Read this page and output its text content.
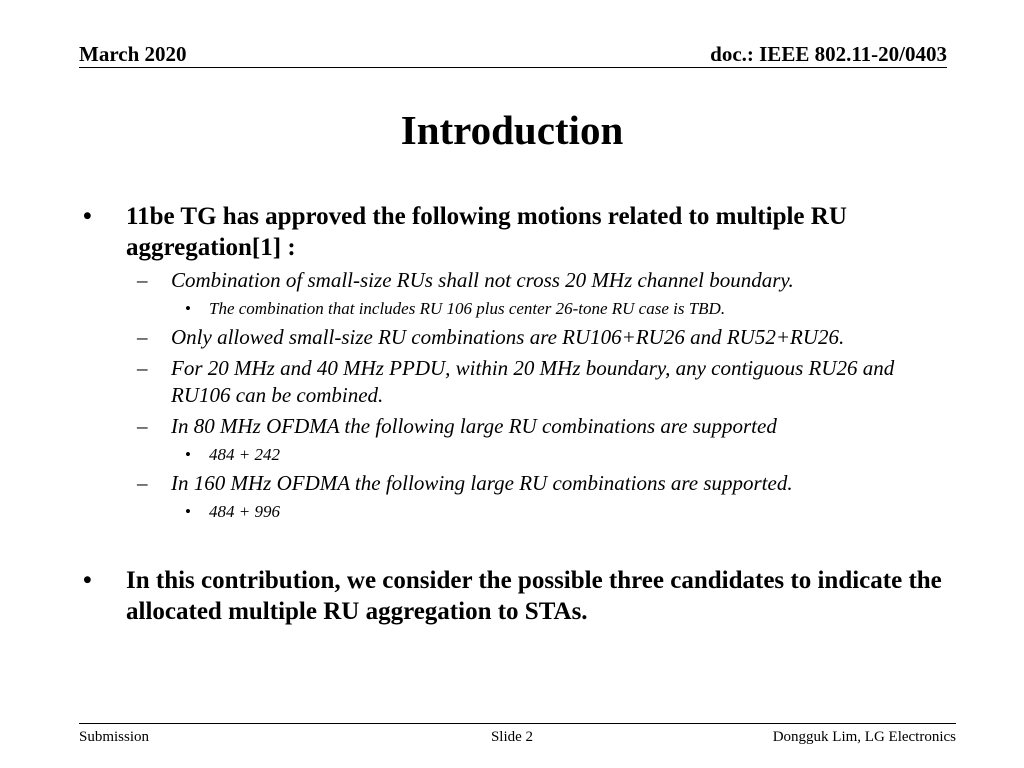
March 2020	doc.: IEEE 802.11-20/0403
Introduction
• 11be TG has approved the following motions related to multiple RU aggregation[1] :
– Combination of small-size RUs shall not cross 20 MHz channel boundary.
• The combination that includes RU 106 plus center 26-tone RU case is TBD.
– Only allowed small-size RU combinations are RU106+RU26 and RU52+RU26.
– For 20 MHz and 40 MHz PPDU, within 20 MHz boundary, any contiguous RU26 and RU106 can be combined.
– In 80 MHz OFDMA the following large RU combinations are supported
• 484 + 242
– In 160 MHz OFDMA the following large RU combinations are supported.
• 484 + 996
• In this contribution, we consider the possible three candidates to indicate the allocated multiple RU aggregation to STAs.
Submission	Slide 2	Dongguk Lim, LG Electronics
